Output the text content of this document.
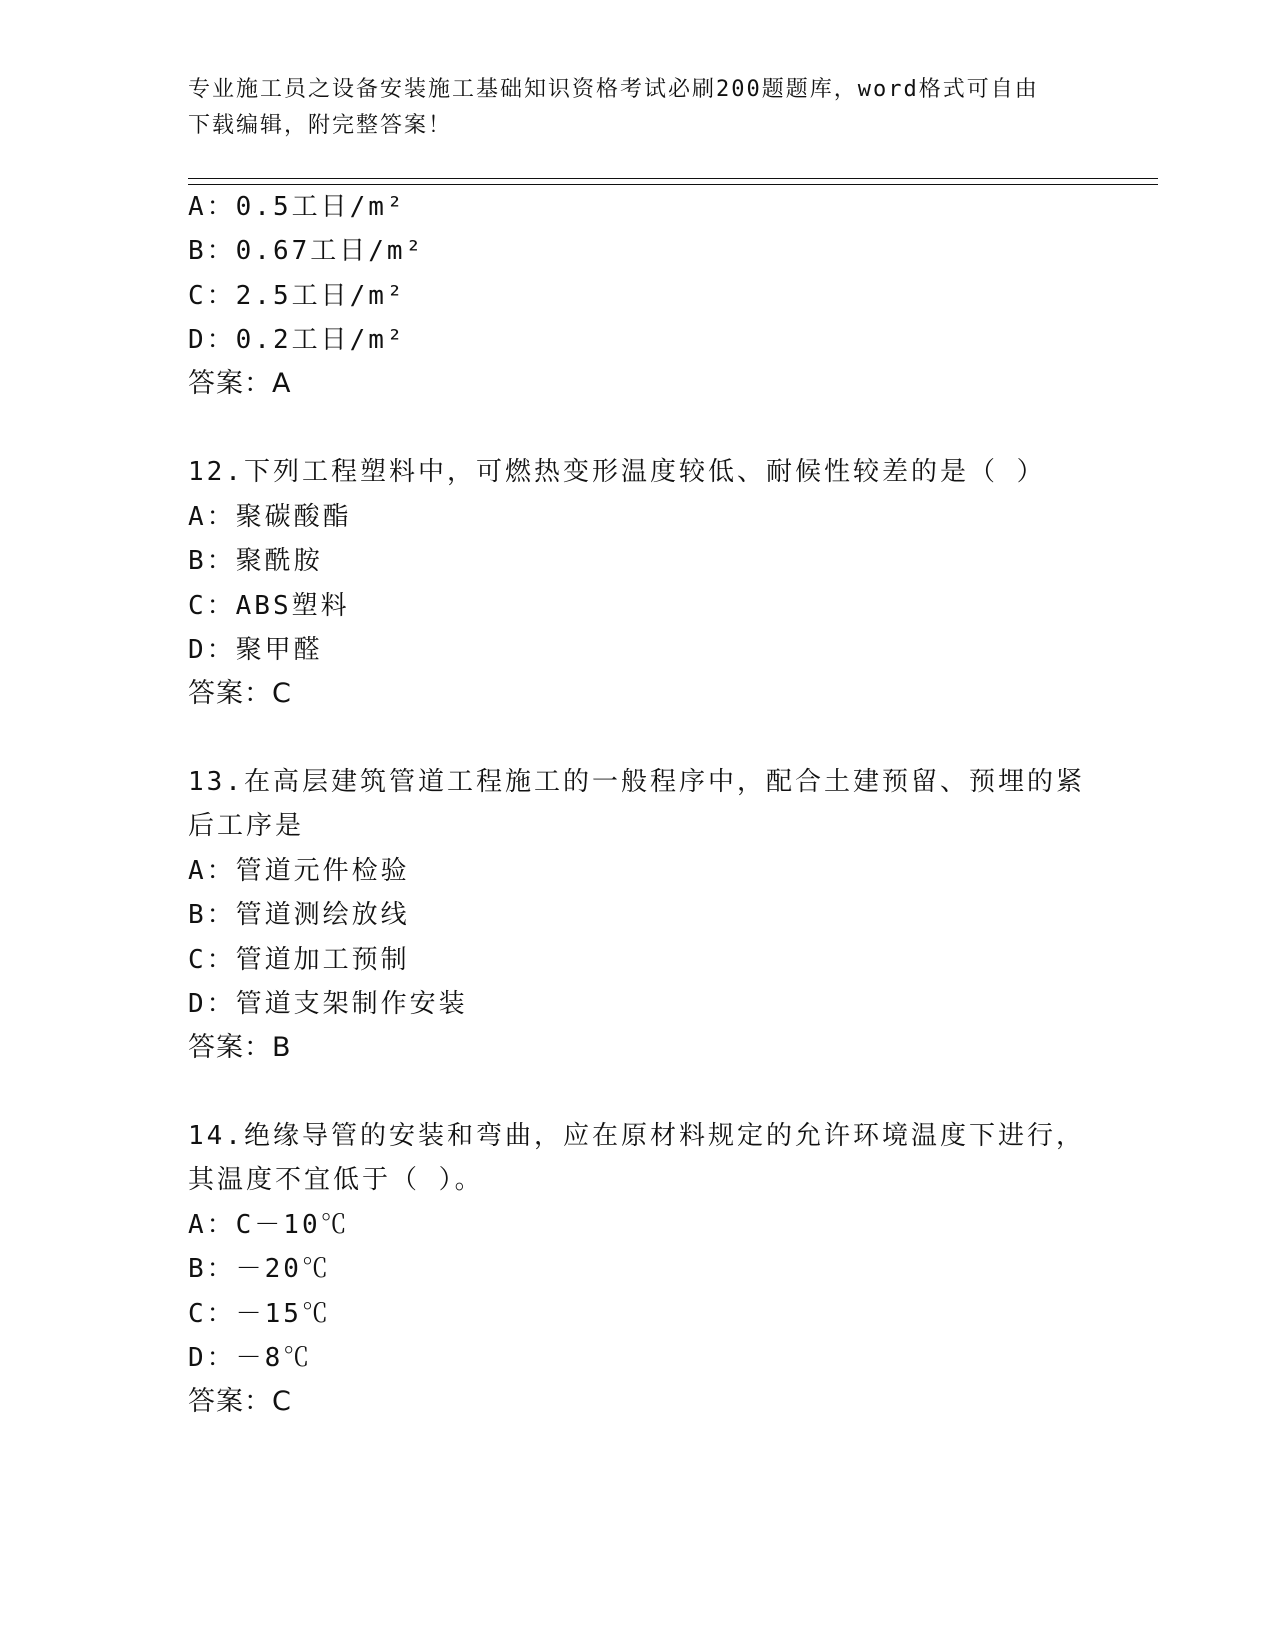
专业施工员之设备安装施工基础知识资格考试必刷200题题库，word格式可自由
下载编辑，附完整答案！
A：0.5工日/m²
B：0.67工日/m²
C：2.5工日/m²
D：0.2工日/m²
答案：A
12.下列工程塑料中，可燃热变形温度较低、耐候性较差的是（ ）
A：聚碳酸酯
B：聚酰胺
C：ABS塑料
D：聚甲醛
答案：C
13.在高层建筑管道工程施工的一般程序中，配合土建预留、预埋的紧
后工序是
A：管道元件检验
B：管道测绘放线
C：管道加工预制
D：管道支架制作安装
答案：B
14.绝缘导管的安装和弯曲，应在原材料规定的允许环境温度下进行，
其温度不宜低于（ ）。
A：C－10℃
B：－20℃
C：－15℃
D：－8℃
答案：C
